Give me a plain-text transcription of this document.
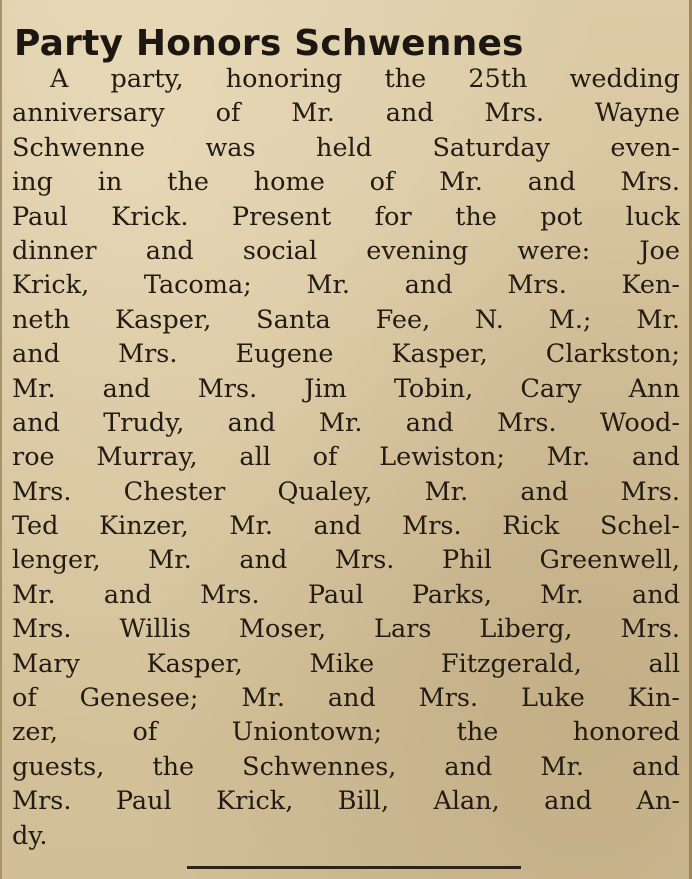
Party Honors Schwennes
A party, honoring the 25th wedding
anniversary of Mr. and Mrs. Wayne
Schwenne was held Saturday even-
ing in the home of Mr. and Mrs.
Paul Krick. Present for the pot luck
dinner and social evening were: Joe
Krick, Tacoma; Mr. and Mrs. Ken-
neth Kasper, Santa Fee, N. M.; Mr.
and Mrs. Eugene Kasper, Clarkston;
Mr. and Mrs. Jim Tobin, Cary Ann
and Trudy, and Mr. and Mrs. Wood-
roe Murray, all of Lewiston; Mr. and
Mrs. Chester Qualey, Mr. and Mrs.
Ted Kinzer, Mr. and Mrs. Rick Schel-
lenger, Mr. and Mrs. Phil Greenwell,
Mr. and Mrs. Paul Parks, Mr. and
Mrs. Willis Moser, Lars Liberg, Mrs.
Mary Kasper, Mike Fitzgerald, all
of Genesee; Mr. and Mrs. Luke Kin-
zer, of Uniontown; the honored
guests, the Schwennes, and Mr. and
Mrs. Paul Krick, Bill, Alan, and An-
dy.
